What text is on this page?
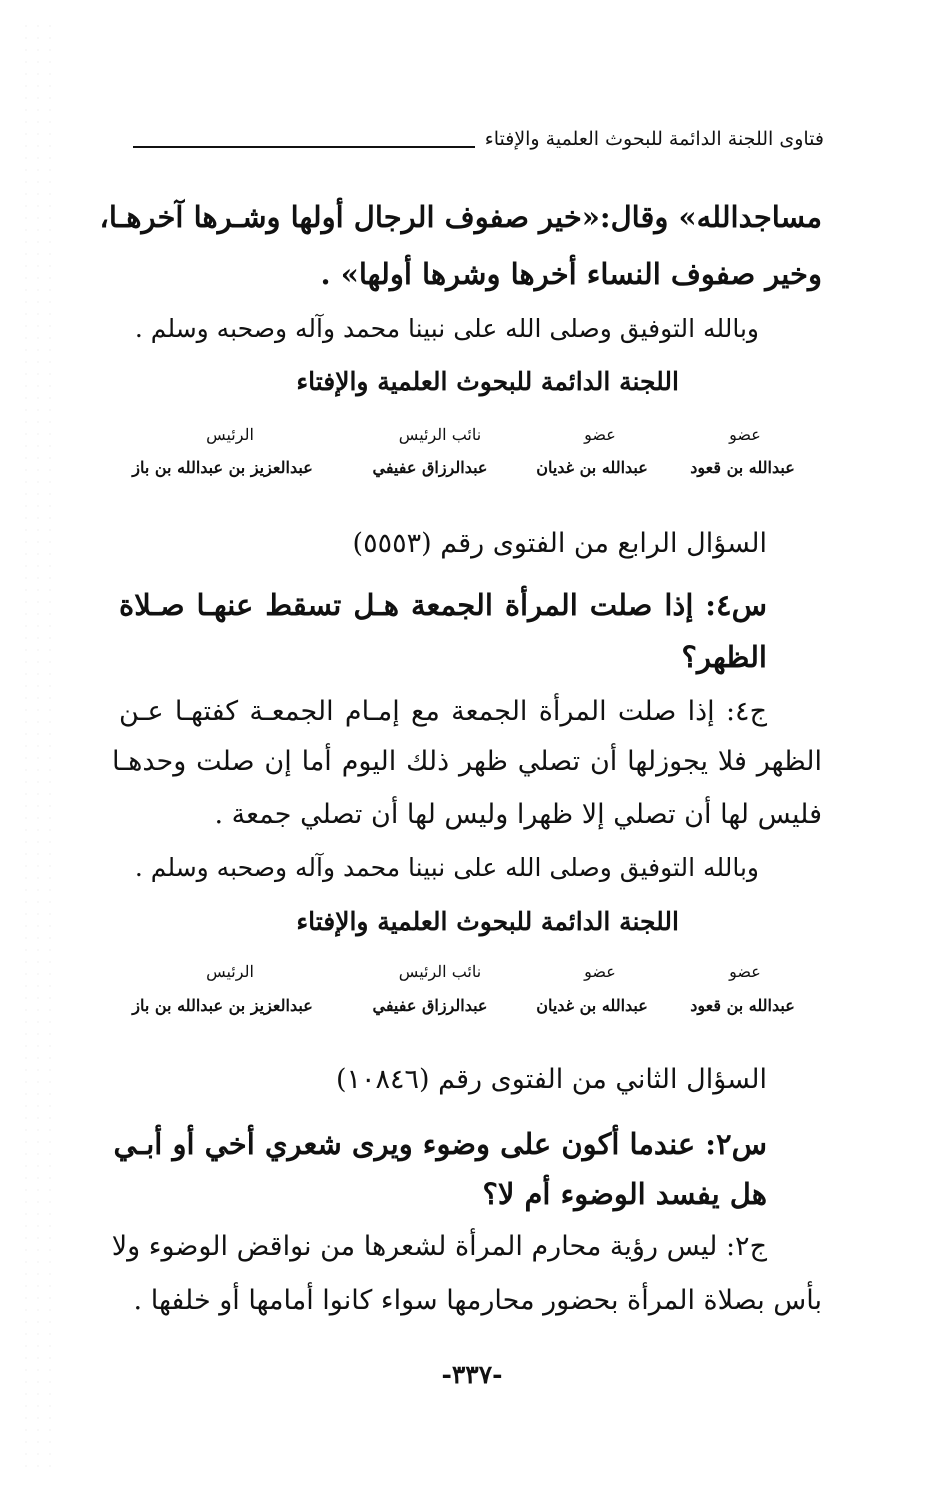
فتاوى اللجنة الدائمة للبحوث العلمية والإفتاء
مساجدالله» وقال:«خير صفوف الرجال أولها وشـرها آخرهـا،
وخير صفوف النساء أخرها وشرها أولها» .
وبالله التوفيق وصلى الله على نبينا محمد وآله وصحبه وسلم .
اللجنة الدائمة للبحوث العلمية والإفتاء
عضو
عبدالله بن قعود
عضو
عبدالله بن غديان
نائب الرئيس
عبدالرزاق عفيفي
الرئيس
عبدالعزيز بن عبدالله بن باز
السؤال الرابع من الفتوى رقم (٥٥٥٣)
س٤: إذا صلت المرأة الجمعة هـل تسقط عنهـا صـلاة
الظهر؟
ج٤: إذا صلت المرأة الجمعة مع إمـام الجمعـة كفتهـا عـن
الظهر فلا يجوزلها أن تصلي ظهر ذلك اليوم أما إن صلت وحدهـا
فليس لها أن تصلي إلا ظهرا وليس لها أن تصلي جمعة .
وبالله التوفيق وصلى الله على نبينا محمد وآله وصحبه وسلم .
اللجنة الدائمة للبحوث العلمية والإفتاء
عضو
عبدالله بن قعود
عضو
عبدالله بن غديان
نائب الرئيس
عبدالرزاق عفيفي
الرئيس
عبدالعزيز بن عبدالله بن باز
السؤال الثاني من الفتوى رقم (١٠٨٤٦)
س٢: عندما أكون على وضوء ويرى شعري أخي أو أبـي
هل يفسد الوضوء أم لا؟
ج٢: ليس رؤية محارم المرأة لشعرها من نواقض الوضوء ولا
بأس بصلاة المرأة بحضور محارمها سواء كانوا أمامها أو خلفها .
-٣٣٧-
